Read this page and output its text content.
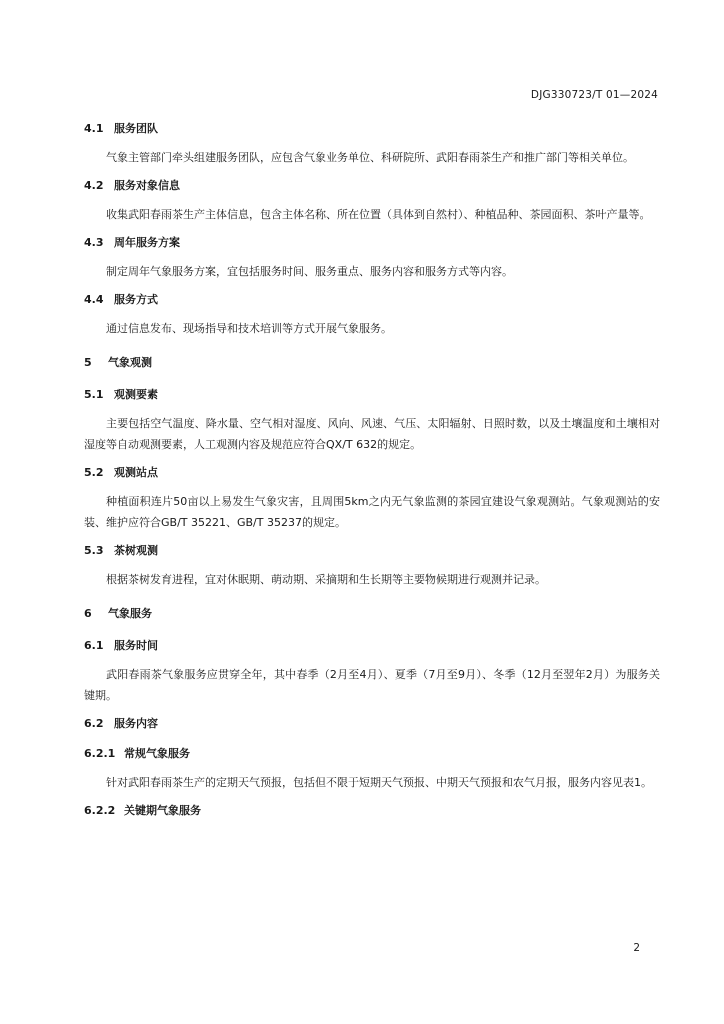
DJG330723/T 01—2024
4.1 服务团队

气象主管部门牵头组建服务团队，应包含气象业务单位、科研院所、武阳春雨茶生产和推广部门等相关单位。

4.2 服务对象信息

收集武阳春雨茶生产主体信息，包含主体名称、所在位置（具体到自然村）、种植品种、茶园面积、茶叶产量等。

4.3 周年服务方案

制定周年气象服务方案，宜包括服务时间、服务重点、服务内容和服务方式等内容。

4.4 服务方式

通过信息发布、现场指导和技术培训等方式开展气象服务。

5 气象观测
5.1 观测要素

主要包括空气温度、降水量、空气相对湿度、风向、风速、气压、太阳辐射、日照时数，以及土壤温度和土壤相对湿度等自动观测要素，人工观测内容及规范应符合QX/T 632的规定。

5.2 观测站点

种植面积连片50亩以上易发生气象灾害，且周围5km之内无气象监测的茶园宜建设气象观测站。气象观测站的安装、维护应符合GB/T 35221、GB/T 35237的规定。

5.3 茶树观测

根据茶树发育进程，宜对休眠期、萌动期、采摘期和生长期等主要物候期进行观测并记录。

6 气象服务
6.1 服务时间

武阳春雨茶气象服务应贯穿全年，其中春季（2月至4月）、夏季（7月至9月）、冬季（12月至翌年2月）为服务关键期。

6.2 服务内容
6.2.1 常规气象服务

针对武阳春雨茶生产的定期天气预报，包括但不限于短期天气预报、中期天气预报和农气月报，服务内容见表1。

6.2.2 关键期气象服务
2
